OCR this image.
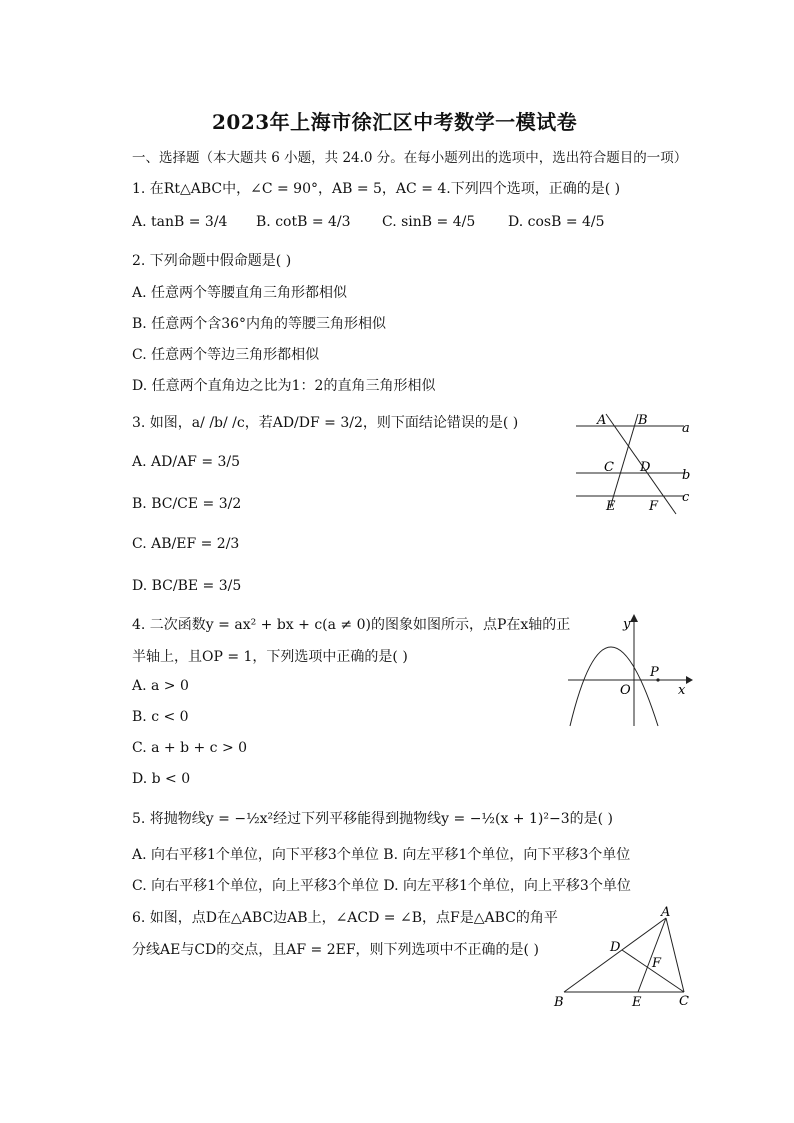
2023年上海市徐汇区中考数学一模试卷
一、选择题（本大题共 6 小题，共 24.0 分。在每小题列出的选项中，选出符合题目的一项）
1. 在Rt△ABC中，∠C = 90°，AB = 5，AC = 4.下列四个选项，正确的是( )
A. tanB = 3/4 B. cotB = 4/3 C. sinB = 4/5 D. cosB = 4/5
2. 下列命题中假命题是( )
A. 任意两个等腰直角三角形都相似
B. 任意两个含36°内角的等腰三角形相似
C. 任意两个等边三角形都相似
D. 任意两个直角边之比为1：2的直角三角形相似
3. 如图，a/ /b/ /c，若AD/DF = 3/2，则下面结论错误的是( )
A. AD/AF = 3/5
B. BC/CE = 3/2
C. AB/EF = 2/3
D. BC/BE = 3/5
A B
a
C D
b
c
E	F
4. 二次函数y = ax² + bx + c(a ≠ 0)的图象如图所示，点P在x轴的正
半轴上，且OP = 1，下列选项中正确的是( )
A. a > 0
B. c < 0
C. a + b + c > 0
D. b < 0
y
P
O	x
5. 将抛物线y = −½x²经过下列平移能得到抛物线y = −½(x + 1)²−3的是( )
A. 向右平移1个单位，向下平移3个单位 B. 向左平移1个单位，向下平移3个单位
C. 向右平移1个单位，向上平移3个单位 D. 向左平移1个单位，向上平移3个单位
6. 如图，点D在△ABC边AB上，∠ACD = ∠B，点F是△ABC的角平
分线AE与CD的交点，且AF = 2EF，则下列选项中不正确的是( )
A
D
F
B	E	C
